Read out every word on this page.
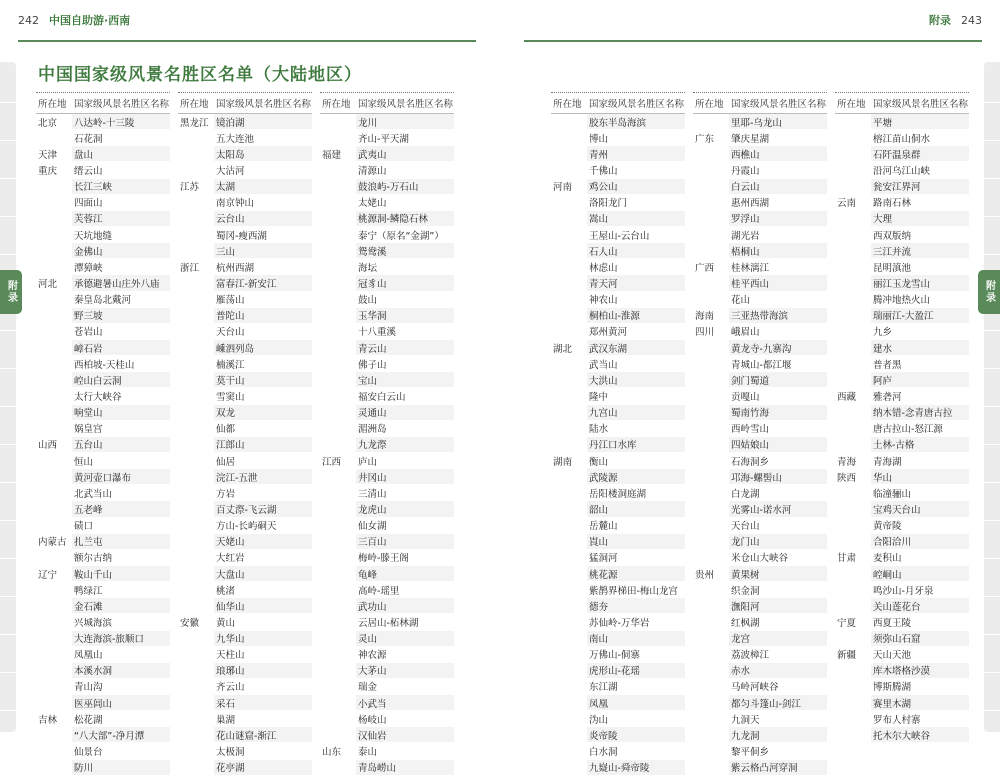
242 中国自助游·西南	附录 243
附录	附录
中国国家级风景名胜区名单（大陆地区）
所在地 国家级风景名胜区名称
北京	八达岭-十三陵
石花洞
天津	盘山
重庆	缙云山
长江三峡
四面山
芙蓉江
天坑地缝
金佛山
潭獐峡
河北	承德避暑山庄外八庙
秦皇岛北戴河
野三坡
苍岩山
嶂石岩
西柏坡-天桂山
崆山白云洞
太行大峡谷
响堂山
娲皇宫
山西	五台山
恒山
黄河壶口瀑布
北武当山
五老峰
碛口
内蒙古 扎兰屯
额尔古纳
辽宁	鞍山千山
鸭绿江
金石滩
兴城海滨
大连海滨-旅顺口
凤凰山
本溪水洞
青山沟
医巫闾山
吉林	松花湖
“八大部”-净月潭
仙景台
防川
所在地 国家级风景名胜区名称
黑龙江 镜泊湖
五大连池
太阳岛
大沾河
江苏	太湖
南京钟山
云台山
蜀冈-瘦西湖
三山
浙江	杭州西湖
富春江-新安江
雁荡山
普陀山
天台山
嵊泗列岛
楠溪江
莫干山
雪窦山
双龙
仙都
江郎山
仙居
浣江-五泄
方岩
百丈漈-飞云湖
方山-长屿硐天
天姥山
大红岩
大盘山
桃渚
仙华山
安徽	黄山
九华山
天柱山
琅琊山
齐云山
采石
巢湖
花山谜窟-渐江
太极洞
花亭湖
所在地 国家级风景名胜区名称
龙川
齐山-平天湖
福建	武夷山
清源山
鼓浪屿-万石山
太姥山
桃源洞-鳞隐石林
泰宁（原名“金湖”）
鸳鸯溪
海坛
冠豸山
鼓山
玉华洞
十八重溪
青云山
佛子山
宝山
福安白云山
灵通山
湄洲岛
九龙漈
江西	庐山
井冈山
三清山
龙虎山
仙女湖
三百山
梅岭-滕王阁
龟峰
高岭-瑶里
武功山
云居山-柘林湖
灵山
神农源
大茅山
瑞金
小武当
杨岐山
汉仙岩
山东	泰山
青岛崂山
所在地 国家级风景名胜区名称
胶东半岛海滨
博山
青州
千佛山
河南	鸡公山
洛阳龙门
嵩山
王屋山-云台山
石人山
林虑山
青天河
神农山
桐柏山-淮源
郑州黄河
湖北	武汉东湖
武当山
大洪山
隆中
九宫山
陆水
丹江口水库
湖南	衡山
武陵源
岳阳楼洞庭湖
韶山
岳麓山
崀山
猛洞河
桃花源
紫鹊界梯田-梅山龙宫
德夯
苏仙岭-万华岩
南山
万佛山-侗寨
虎形山-花瑶
东江湖
凤凰
沩山
炎帝陵
白水洞
九嶷山-舜帝陵
所在地 国家级风景名胜区名称
里耶-乌龙山
广东	肇庆星湖
西樵山
丹霞山
白云山
惠州西湖
罗浮山
湖光岩
梧桐山
广西	桂林漓江
桂平西山
花山
海南	三亚热带海滨
四川	峨眉山
黄龙寺-九寨沟
青城山-都江堰
剑门蜀道
贡嘎山
蜀南竹海
西岭雪山
四姑娘山
石海洞乡
邛海-螺髻山
白龙湖
光雾山-诺水河
天台山
龙门山
米仓山大峡谷
贵州	黄果树
织金洞
潕阳河
红枫湖
龙宫
荔波樟江
赤水
马岭河峡谷
都匀斗篷山-剑江
九洞天
九龙洞
黎平侗乡
紫云格凸河穿洞
所在地 国家级风景名胜区名称
平塘
榕江苗山侗水
石阡温泉群
沿河乌江山峡
瓮安江界河
云南	路南石林
大理
西双版纳
三江并流
昆明滇池
丽江玉龙雪山
腾冲地热火山
瑞丽江-大盈江
九乡
建水
普者黑
阿庐
西藏	雅砻河
纳木错-念青唐古拉
唐古拉山-怒江源
土林-古格
青海	青海湖
陕西	华山
临潼骊山
宝鸡天台山
黄帝陵
合阳洽川
甘肃	麦积山
崆峒山
鸣沙山-月牙泉
关山莲花台
宁夏	西夏王陵
须弥山石窟
新疆	天山天池
库木塔格沙漠
博斯腾湖
赛里木湖
罗布人村寨
托木尔大峡谷
